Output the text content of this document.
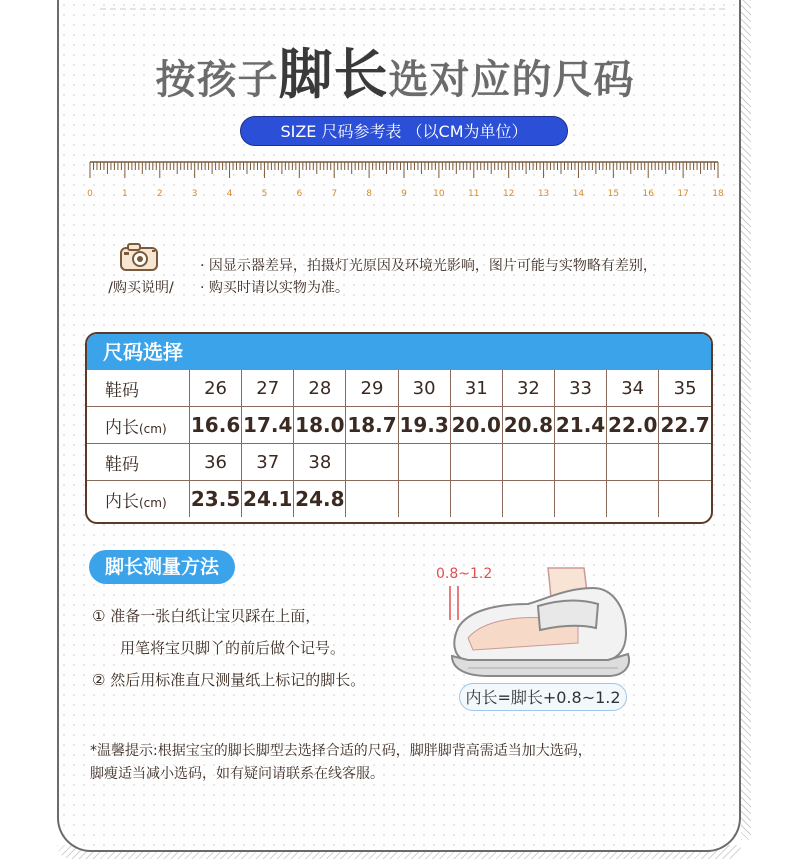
按孩子脚长选对应的尺码
SIZE 尺码参考表 （以CM为单位）
0	1	2	3	4	5	6	7	8	9	10	11	12	13	14	15	16	17	18
/购买说明/
· 因显示器差异，拍摄灯光原因及环境光影响，图片可能与实物略有差别，
· 购买时请以实物为准。
尺码选择
鞋码	26	27	28	29	30	31	32	33	34	35
内长(cm)	16.6	17.4	18.0	18.7	19.3	20.0	20.8	21.4	22.0	22.7
鞋码	36	37	38							
内长(cm)	23.5	24.1	24.8							
脚长测量方法
① 准备一张白纸让宝贝踩在上面，
用笔将宝贝脚丫的前后做个记号。
② 然后用标准直尺测量纸上标记的脚长。
0.8~1.2
内长=脚长+0.8~1.2
*温馨提示:根据宝宝的脚长脚型去选择合适的尺码，脚胖脚背高需适当加大选码，
脚瘦适当减小选码，如有疑问请联系在线客服。
